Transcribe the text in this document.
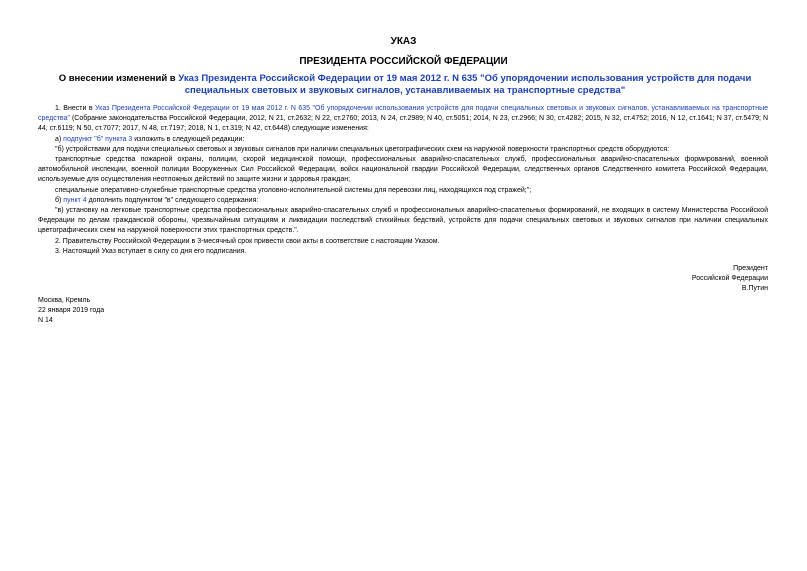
УКАЗ
ПРЕЗИДЕНТА РОССИЙСКОЙ ФЕДЕРАЦИИ
О внесении изменений в Указ Президента Российской Федерации от 19 мая 2012 г. N 635 "Об упорядочении использования устройств для подачи специальных световых и звуковых сигналов, устанавливаемых на транспортные средства"

1. Внести в Указ Президента Российской Федерации от 19 мая 2012 г. N 635 "Об упорядочении использования устройств для подачи специальных световых и звуковых сигналов, устанавливаемых на транспортные средства" (Собрание законодательства Российской Федерации, 2012, N 21, ст.2632; N 22, ст.2760; 2013, N 24, ст.2989; N 40, ст.5051; 2014, N 23, ст.2966; N 30, ст.4282; 2015, N 32, ст.4752; 2016, N 12, ст.1641; N 37, ст.5479; N 44, ст.6119; N 50, ст.7077; 2017, N 48, ст.7197; 2018, N 1, ст.319; N 42, ст.6448) следующие изменения:

а) подпункт "б" пункта 3 изложить в следующей редакции:

"б) устройствами для подачи специальных световых и звуковых сигналов при наличии специальных цветографических схем на наружной поверхности транспортных средств оборудуются:

транспортные средства пожарной охраны, полиции, скорой медицинской помощи, профессиональных аварийно-спасательных служб, профессиональных аварийно-спасательных формирований, военной автомобильной инспекции, военной полиции Вооруженных Сил Российской Федерации, войск национальной гвардии Российской Федерации, следственных органов Следственного комитета Российской Федерации, используемые для осуществления неотложных действий по защите жизни и здоровья граждан;

специальные оперативно-служебные транспортные средства уголовно-исполнительной системы для перевозки лиц, находящихся под стражей;";

б) пункт 4 дополнить подпунктом "в" следующего содержания:

"в) установку на легковые транспортные средства профессиональных аварийно-спасательных служб и профессиональных аварийно-спасательных формирований, не входящих в систему Министерства Российской Федерации по делам гражданской обороны, чрезвычайным ситуациям и ликвидации последствий стихийных бедствий, устройств для подачи специальных световых и звуковых сигналов при наличии специальных цветографических схем на наружной поверхности этих транспортных средств.".

2. Правительству Российской Федерации в 3-месячный срок привести свои акты в соответствие с настоящим Указом.

3. Настоящий Указ вступает в силу со дня его подписания.

Президент
Российской Федерации
В.Путин
Москва, Кремль
22 января 2019 года
N 14
